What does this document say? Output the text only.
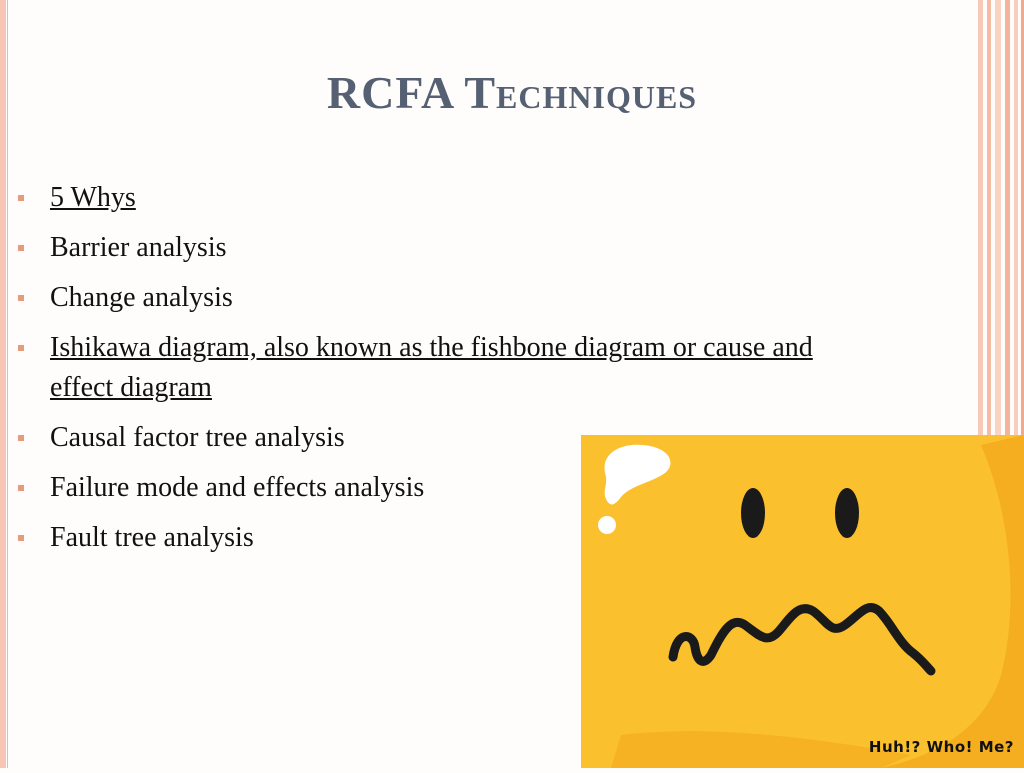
RCFA Techniques
5 Whys
Barrier analysis
Change analysis
Ishikawa diagram, also known as the fishbone diagram or cause and effect diagram
Causal factor tree analysis
Failure mode and effects analysis
Fault tree analysis
Huh!? Who! Me?
